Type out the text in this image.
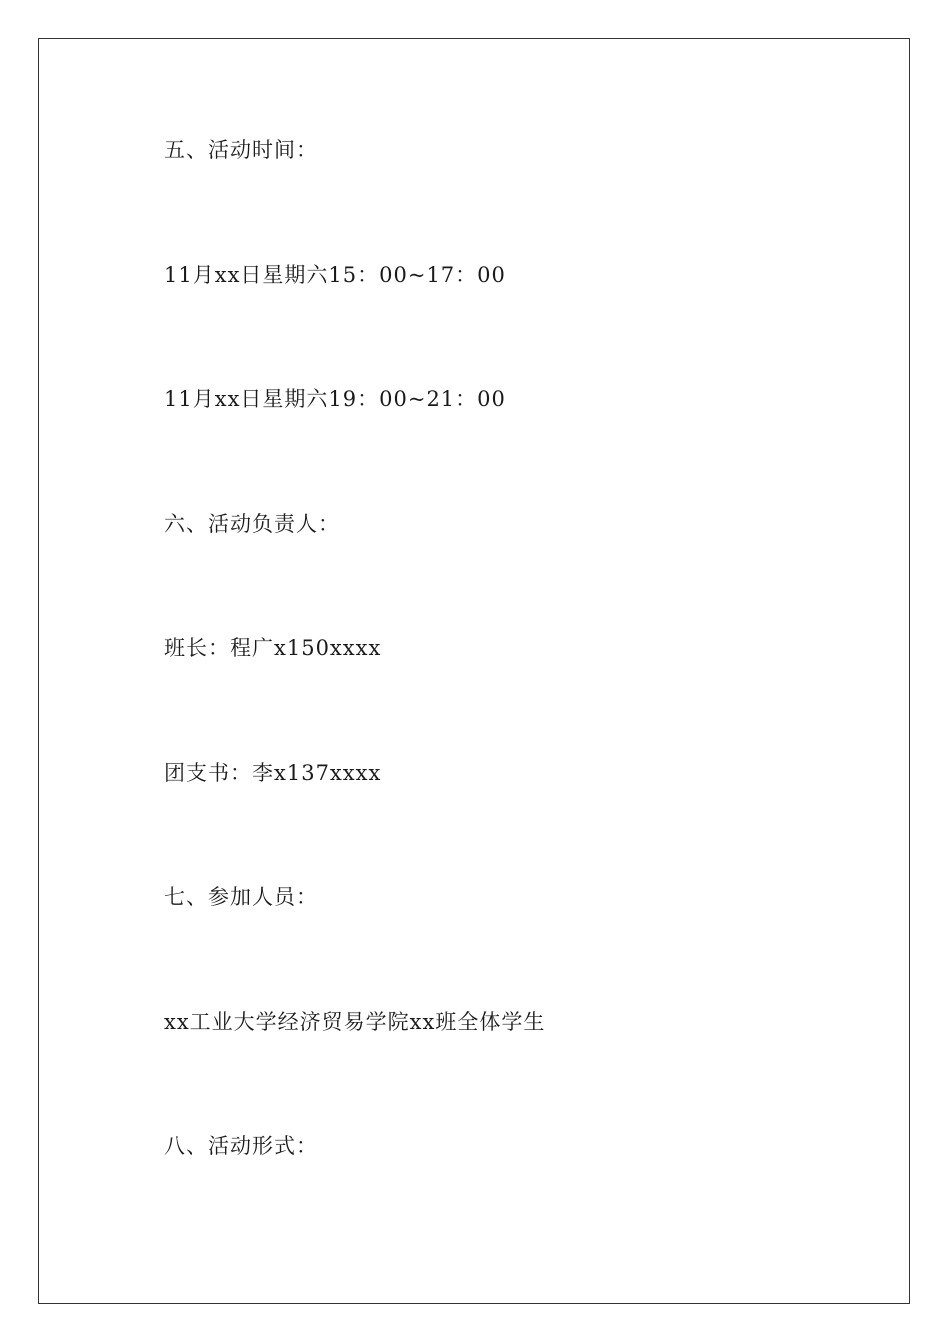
五、活动时间：
11月xx日星期六15：00~17：00
11月xx日星期六19：00~21：00
六、活动负责人：
班长：程广x150xxxx
团支书：李x137xxxx
七、参加人员：
xx工业大学经济贸易学院xx班全体学生
八、活动形式：
